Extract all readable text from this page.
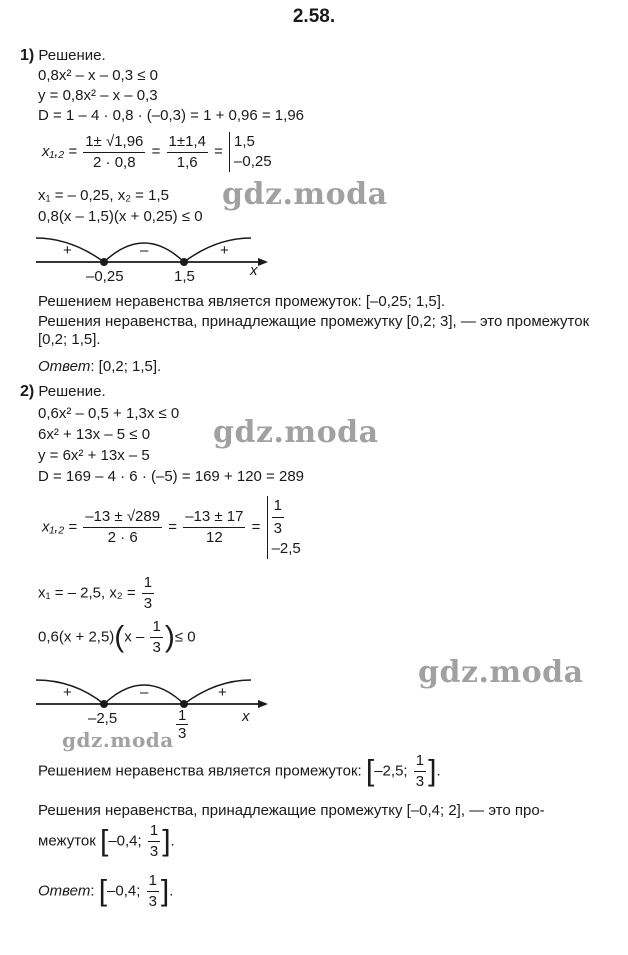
2.58.
1) Решение.
0,8x² – x – 0,3 ≤ 0
y = 0,8x² – x – 0,3
D = 1 – 4 · 0,8 · (–0,3) = 1 + 0,96 = 1,96
$x_1,_2 = \frac{1\pm √1,96}{2 \cdot 0,8} = \frac{1\pm 1,4}{1,6}$ =
1,5
–0,25
x₁ = – 0,25, x₂ = 1,5
0,8(x – 1,5)(x + 0,25) ≤ 0
+	–	+
–0,25	1,5	x
Решением неравенства является промежуток: [–0,25; 1,5].
Решения неравенства, принадлежащие промежутку [0,2; 3], — это промежуток [0,2; 1,5].
Ответ: [0,2; 1,5].
2) Решение.
0,6x² – 0,5 + 1,3x ≤ 0
6x² + 13x – 5 ≤ 0
y = 6x² + 13x – 5
D = 169 – 4 · 6 · (–5) = 169 + 120 = 289
$x_1,_2 = \frac{-13 \pm √289}{2 \cdot 6} = \frac{-13 \pm 17}{12} = \frac{1}{3}$
–2,5
x₁ = – 2,5, $x_2 = \frac{1}{3}$
$0,6(x + 2,5)(x - \frac{1}{3}$ )≤ 0
+	–	+
–2,5	$\frac{1}{3}$	x
Решением неравенства является промежуток: [–2,5; $\frac{1}{3}$ ].
Решения неравенства, принадлежащие промежутку [–0,4; 2], — это про-
межуток [–0,4; $\frac{1}{3}$ ].
Ответ: [–0,4; $\frac{1}{3}$ ].
gdz.moda
gdz.moda
gdz.moda
gdz.moda
